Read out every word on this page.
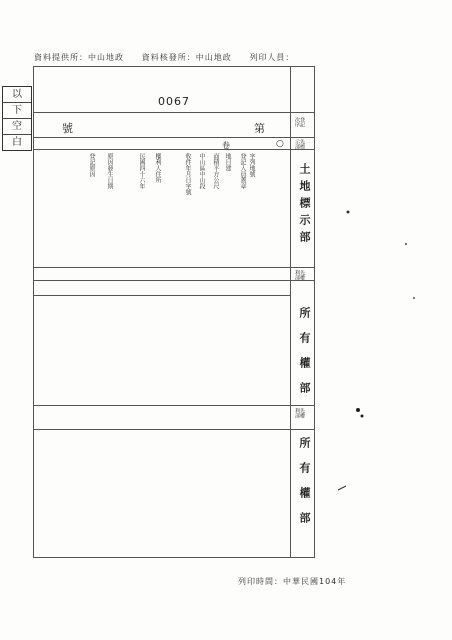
資料提供所：中山地政 資料核發所：中山地政 列印人員：
以
下
空
白
0067
號	第
卷	○
登記
次序
先標
示部
土地標示部
先權
利部
所有權部
先權
利部
所有權部
登記人員蓋章 字列地號
地目建
面積平方公尺
中山區中山段
收件年月日字號
權利人住所
民國四十六年
原因發生日期
登記原因
列印時間：中華民國104年
